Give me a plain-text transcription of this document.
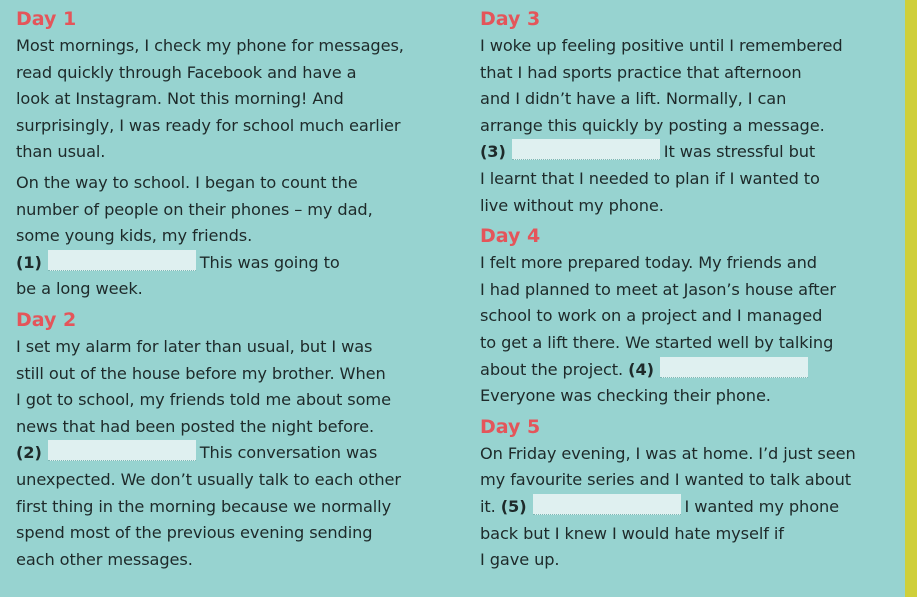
Day 1

Most mornings, I check my phone for messages,
read quickly through Facebook and have a
look at Instagram. Not this morning! And
surprisingly, I was ready for school much earlier
than usual.

On the way to school. I began to count the
number of people on their phones – my dad,
some young kids, my friends.
(1)	This was going to
be a long week.

Day 2

I set my alarm for later than usual, but I was
still out of the house before my brother. When
I got to school, my friends told me about some
news that had been posted the night before.
(2)	This conversation was
unexpected. We don’t usually talk to each other
first thing in the morning because we normally
spend most of the previous evening sending
each other messages.

Day 3

I woke up feeling positive until I remembered
that I had sports practice that afternoon
and I didn’t have a lift. Normally, I can
arrange this quickly by posting a message.
(3)	It was stressful but
I learnt that I needed to plan if I wanted to
live without my phone.

Day 4

I felt more prepared today. My friends and
I had planned to meet at Jason’s house after
school to work on a project and I managed
to get a lift there. We started well by talking
about the project. (4)
Everyone was checking their phone.

Day 5

On Friday evening, I was at home. I’d just seen
my favourite series and I wanted to talk about
it. (5)	I wanted my phone
back but I knew I would hate myself if
I gave up.
